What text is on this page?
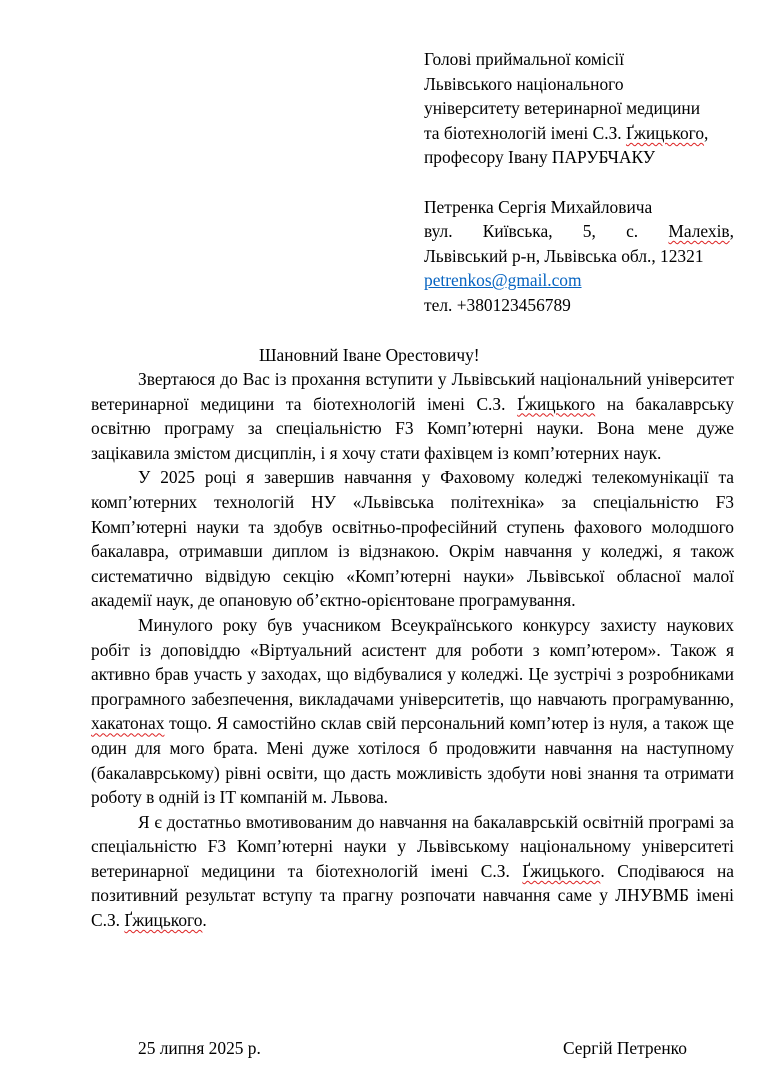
Голові приймальної комісії
Львівського національного
університету ветеринарної медицини
та біотехнологій імені С.З. Ґжицького,
професору Івану ПАРУБЧАКУ
Петренка Сергія Михайловича
вул. Київська, 5, с. Малехів,
Львівський р-н, Львівська обл., 12321
petrenkos@gmail.com
тел. +380123456789
Шановний Іване Орестовичу!

Звертаюся до Вас із прохання вступити у Львівський національний університет ветеринарної медицини та біотехнологій імені С.З. Ґжицького на бакалаврську освітню програму за спеціальністю F3 Комп’ютерні науки. Вона мене дуже зацікавила змістом дисциплін, і я хочу стати фахівцем із комп’ютерних наук.

У 2025 році я завершив навчання у Фаховому коледжі телекомунікації та комп’ютерних технологій НУ «Львівська політехніка» за спеціальністю F3 Комп’ютерні науки та здобув освітньо-професійний ступень фахового молодшого бакалавра, отримавши диплом із відзнакою. Окрім навчання у коледжі, я також систематично відвідую секцію «Комп’ютерні науки» Львівської обласної малої академії наук, де опановую об’єктно-орієнтоване програмування.

Минулого року був учасником Всеукраїнського конкурсу захисту наукових робіт із доповіддю «Віртуальний асистент для роботи з комп’ютером». Також я активно брав участь у заходах, що відбувалися у коледжі. Це зустрічі з розробниками програмного забезпечення, викладачами університетів, що навчають програмуванню, хакатонах тощо. Я самостійно склав свій персональний комп’ютер із нуля, а також ще один для мого брата. Мені дуже хотілося б продовжити навчання на наступному (бакалаврському) рівні освіти, що дасть можливість здобути нові знання та отримати роботу в одній із IT компаній м. Львова.

Я є достатньо вмотивованим до навчання на бакалаврській освітній програмі за спеціальністю F3 Комп’ютерні науки у Львівському національному університеті ветеринарної медицини та біотехнологій імені С.З. Ґжицького. Сподіваюся на позитивний результат вступу та прагну розпочати навчання саме у ЛНУВМБ імені С.З. Ґжицького.

25 липня 2025 р.	Сергій Петренко
